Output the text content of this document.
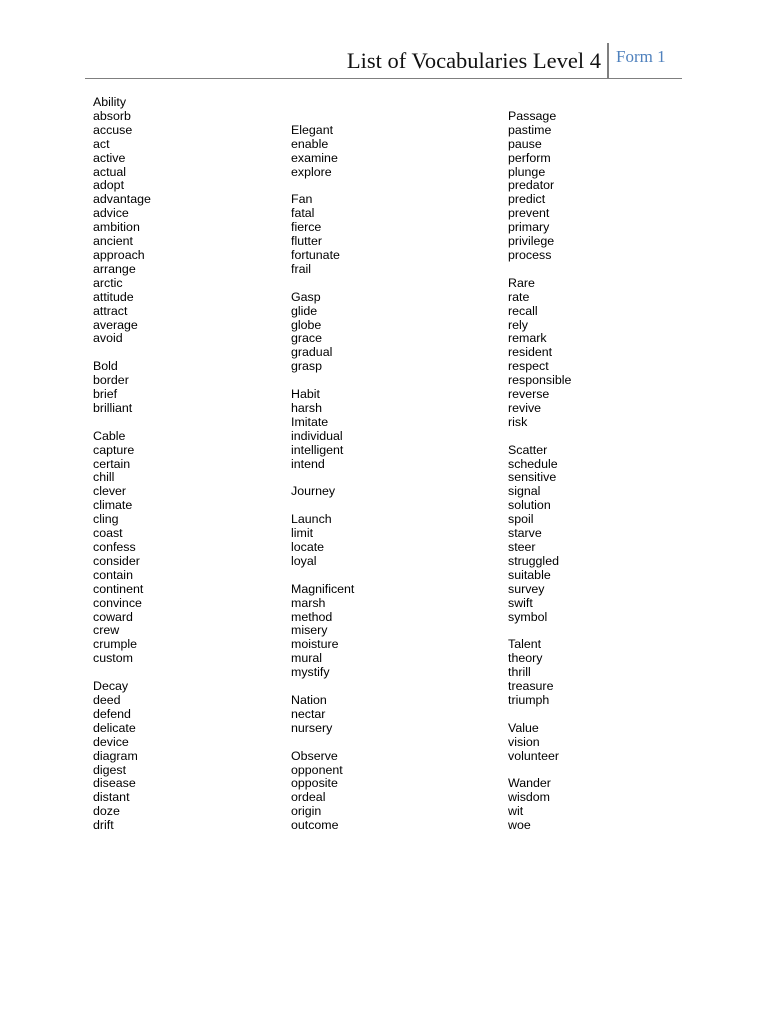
List of Vocabularies Level 4 Form 1
Ability
absorb
accuse
act
active
actual
adopt
advantage
advice
ambition
ancient
approach
arrange
arctic
attitude
attract
average
avoid
Bold
border
brief
brilliant
Cable
capture
certain
chill
clever
climate
cling
coast
confess
consider
contain
continent
convince
coward
crew
crumple
custom
Decay
deed
defend
delicate
device
diagram
digest
disease
distant
doze
drift
Elegant
enable
examine
explore
Fan
fatal
fierce
flutter
fortunate
frail
Gasp
glide
globe
grace
gradual
grasp
Habit
harsh
Imitate
individual
intelligent
intend
Journey
Launch
limit
locate
loyal
Magnificent
marsh
method
misery
moisture
mural
mystify
Nation
nectar
nursery
Observe
opponent
opposite
ordeal
origin
outcome
Passage
pastime
pause
perform
plunge
predator
predict
prevent
primary
privilege
process
Rare
rate
recall
rely
remark
resident
respect
responsible
reverse
revive
risk
Scatter
schedule
sensitive
signal
solution
spoil
starve
steer
struggled
suitable
survey
swift
symbol
Talent
theory
thrill
treasure
triumph
Value
vision
volunteer
Wander
wisdom
wit
woe
